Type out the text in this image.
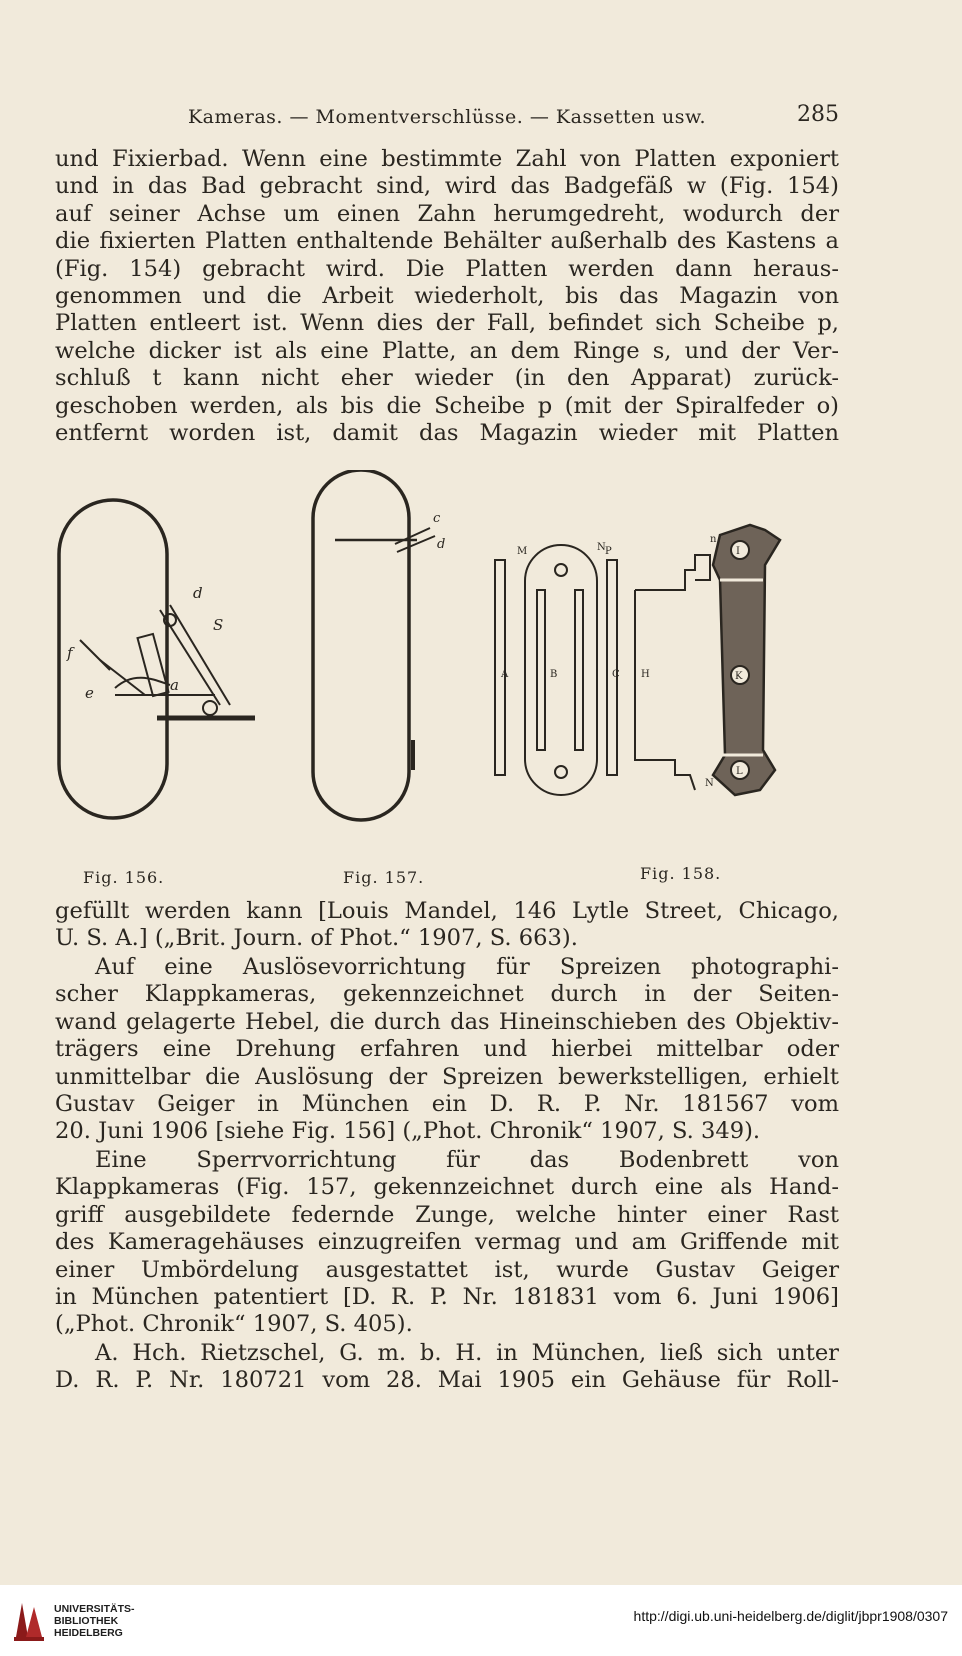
Kameras. — Momentverschlüsse. — Kassetten usw.	285
und Fixierbad. Wenn eine bestimmte Zahl von Platten exponiert
und in das Bad gebracht sind, wird das Badgefäß w (Fig. 154)
auf seiner Achse um einen Zahn herumgedreht, wodurch der
die fixierten Platten enthaltende Behälter außerhalb des Kastens a
(Fig. 154) gebracht wird. Die Platten werden dann heraus-
genommen und die Arbeit wiederholt, bis das Magazin von
Platten entleert ist. Wenn dies der Fall, befindet sich Scheibe p,
welche dicker ist als eine Platte, an dem Ringe s, und der Ver-
schluß t kann nicht eher wieder (in den Apparat) zurück-
geschoben werden, als bis die Scheibe p (mit der Spiralfeder o)
entfernt worden ist, damit das Magazin wieder mit Platten
d
S
f
a
e
c
d	M	N P
A	B	C H
I
K
L
n
N
Fig. 156.	Fig. 157.	Fig. 158.
gefüllt werden kann [Louis Mandel, 146 Lytle Street, Chicago,
U. S. A.] („Brit. Journ. of Phot.“ 1907, S. 663).
Auf eine Auslösevorrichtung für Spreizen photographi-
scher Klappkameras, gekennzeichnet durch in der Seiten-
wand gelagerte Hebel, die durch das Hineinschieben des Objektiv-
trägers eine Drehung erfahren und hierbei mittelbar oder
unmittelbar die Auslösung der Spreizen bewerkstelligen, erhielt
Gustav Geiger in München ein D. R. P. Nr. 181567 vom
20. Juni 1906 [siehe Fig. 156] („Phot. Chronik“ 1907, S. 349).
Eine Sperrvorrichtung für das Bodenbrett von
Klappkameras (Fig. 157, gekennzeichnet durch eine als Hand-
griff ausgebildete federnde Zunge, welche hinter einer Rast
des Kameragehäuses einzugreifen vermag und am Griffende mit
einer Umbördelung ausgestattet ist, wurde Gustav Geiger
in München patentiert [D. R. P. Nr. 181831 vom 6. Juni 1906]
(„Phot. Chronik“ 1907, S. 405).
A. Hch. Rietzschel, G. m. b. H. in München, ließ sich unter
D. R. P. Nr. 180721 vom 28. Mai 1905 ein Gehäuse für Roll-
UNIVERSITÄTS-
BIBLIOTHEK
HEIDELBERG
http://digi.ub.uni-heidelberg.de/diglit/jbpr1908/0307
